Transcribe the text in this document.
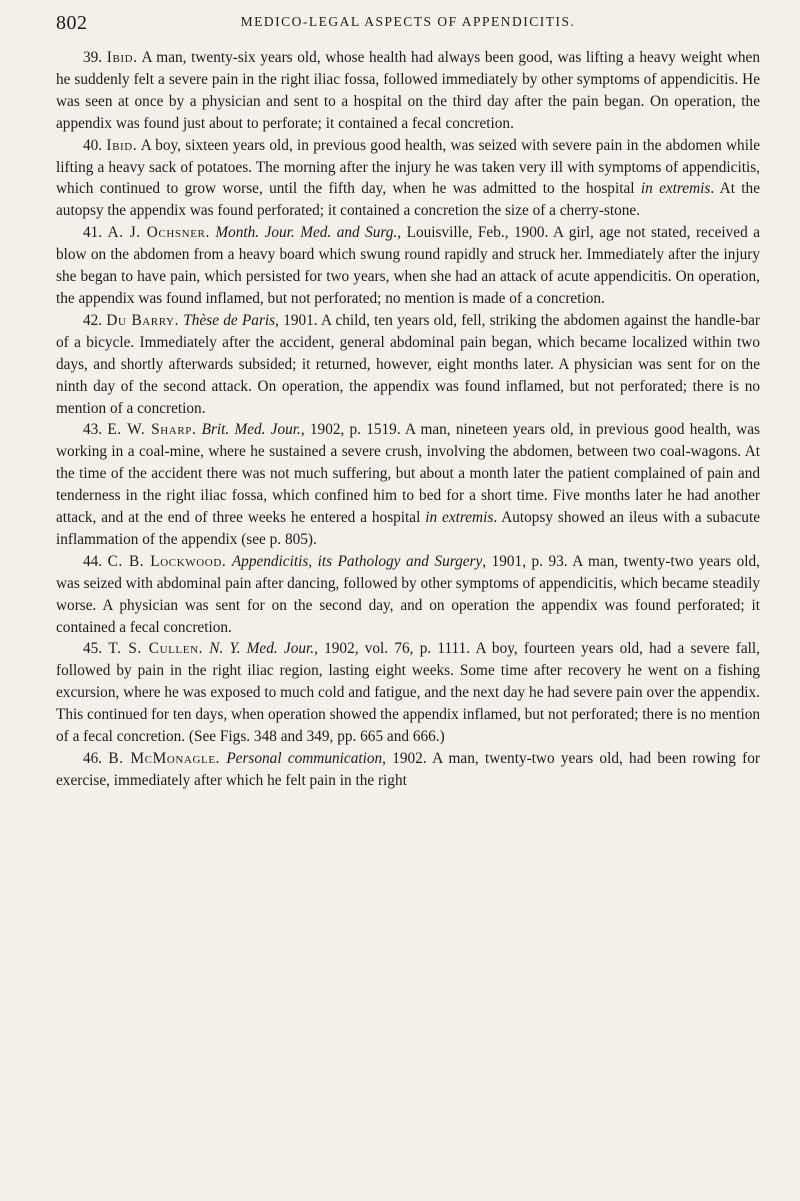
802	MEDICO-LEGAL ASPECTS OF APPENDICITIS.

39. Ibid. A man, twenty-six years old, whose health had always been good, was lifting a heavy weight when he suddenly felt a severe pain in the right iliac fossa, followed immediately by other symptoms of appendicitis. He was seen at once by a physician and sent to a hospital on the third day after the pain began. On operation, the appendix was found just about to perforate; it contained a fecal concretion.

40. Ibid. A boy, sixteen years old, in previous good health, was seized with severe pain in the abdomen while lifting a heavy sack of potatoes. The morning after the injury he was taken very ill with symptoms of appendicitis, which continued to grow worse, until the fifth day, when he was admitted to the hospital in extremis. At the autopsy the appendix was found perforated; it contained a concretion the size of a cherry-stone.

41. A. J. Ochsner. Month. Jour. Med. and Surg., Louisville, Feb., 1900. A girl, age not stated, received a blow on the abdomen from a heavy board which swung round rapidly and struck her. Immediately after the injury she began to have pain, which persisted for two years, when she had an attack of acute appendicitis. On operation, the appendix was found inflamed, but not perforated; no mention is made of a concretion.

42. Du Barry. Thèse de Paris, 1901. A child, ten years old, fell, striking the abdomen against the handle-bar of a bicycle. Immediately after the accident, general abdominal pain began, which became localized within two days, and shortly afterwards subsided; it returned, however, eight months later. A physician was sent for on the ninth day of the second attack. On operation, the appendix was found inflamed, but not perforated; there is no mention of a concretion.

43. E. W. Sharp. Brit. Med. Jour., 1902, p. 1519. A man, nineteen years old, in previous good health, was working in a coal-mine, where he sustained a severe crush, involving the abdomen, between two coal-wagons. At the time of the accident there was not much suffering, but about a month later the patient complained of pain and tenderness in the right iliac fossa, which confined him to bed for a short time. Five months later he had another attack, and at the end of three weeks he entered a hospital in extremis. Autopsy showed an ileus with a subacute inflammation of the appendix (see p. 805).

44. C. B. Lockwood. Appendicitis, its Pathology and Surgery, 1901, p. 93. A man, twenty-two years old, was seized with abdominal pain after dancing, followed by other symptoms of appendicitis, which became steadily worse. A physician was sent for on the second day, and on operation the appendix was found perforated; it contained a fecal concretion.

45. T. S. Cullen. N. Y. Med. Jour., 1902, vol. 76, p. 1111. A boy, fourteen years old, had a severe fall, followed by pain in the right iliac region, lasting eight weeks. Some time after recovery he went on a fishing excursion, where he was exposed to much cold and fatigue, and the next day he had severe pain over the appendix. This continued for ten days, when operation showed the appendix inflamed, but not perforated; there is no mention of a fecal concretion. (See Figs. 348 and 349, pp. 665 and 666.)

46. B. McMonagle. Personal communication, 1902. A man, twenty-two years old, had been rowing for exercise, immediately after which he felt pain in the right
